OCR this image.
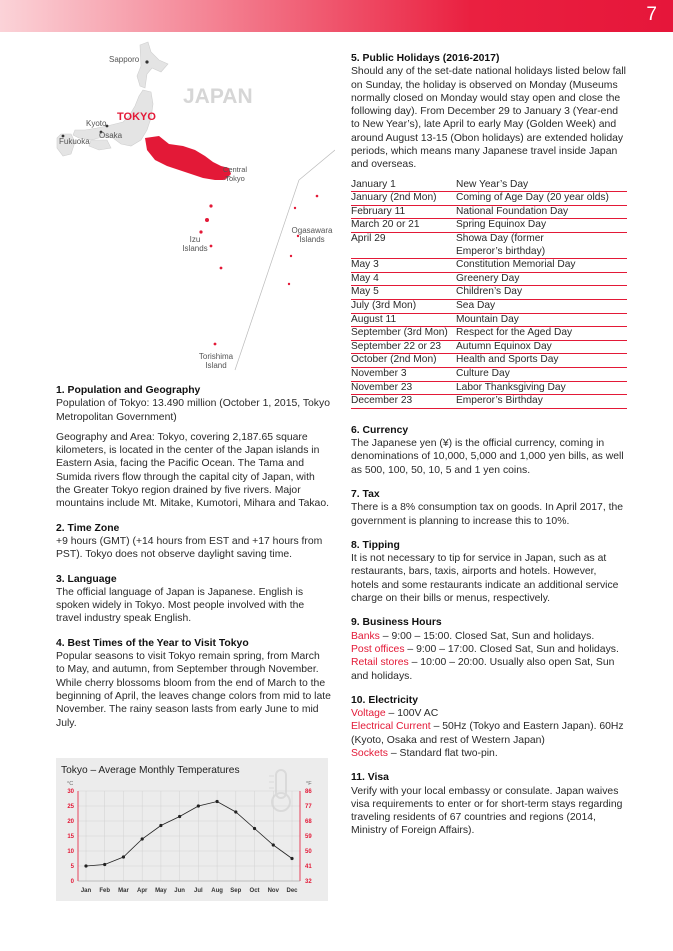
7
Sapporo
JAPAN
TOKYO
Kyoto
Osaka
Fukuoka
Central
Tokyo
Izu
Islands
Ogasawara
Islands
Torishima
Island
1. Population and Geography

Population of Tokyo: 13.490 million (October 1, 2015, Tokyo Metropolitan Government)

Geography and Area: Tokyo, covering 2,187.65 square kilometers, is located in the center of the Japan islands in Eastern Asia, facing the Pacific Ocean. The Tama and Sumida rivers flow through the capital city of Japan, with the Greater Tokyo region drained by five rivers. Major mountains include Mt. Mitake, Kumotori, Mihara and Takao.

2. Time Zone

+9 hours (GMT) (+14 hours from EST and +17 hours from PST). Tokyo does not observe daylight saving time.

3. Language

The official language of Japan is Japanese. English is spoken widely in Tokyo. Most people involved with the travel industry speak English.

4. Best Times of the Year to Visit Tokyo

Popular seasons to visit Tokyo remain spring, from March to May, and autumn, from September through November. While cherry blossoms bloom from the end of March to the beginning of April, the leaves change colors from mid to late November. The rainy season lasts from early June to mid July.

Tokyo – Average Monthly Temperatures
°C	°F
30
25
20
15
10
5
0
86
77
68
59
50
41
32
Jan Feb Mar Apr May Jun Jul Aug Sep Oct Nov Dec
5. Public Holidays (2016-2017)

Should any of the set-date national holidays listed below fall on Sunday, the holiday is observed on Monday (Museums normally closed on Monday would stay open and close the following day). From December 29 to January 3 (Year-end to New Year’s), late April to early May (Golden Week) and around August 13-15 (Obon holidays) are extended holiday periods, which means many Japanese travel inside Japan and overseas.

January 1	New Year’s Day
January (2nd Mon)	Coming of Age Day (20 year olds)
February 11	National Foundation Day
March 20 or 21	Spring Equinox Day
April 29	Showa Day (former
Emperor’s birthday)
May 3	Constitution Memorial Day
May 4	Greenery Day
May 5	Children’s Day
July (3rd Mon)	Sea Day
August 11	Mountain Day
September (3rd Mon)	Respect for the Aged Day
September 22 or 23	Autumn Equinox Day
October (2nd Mon)	Health and Sports Day
November 3	Culture Day
November 23	Labor Thanksgiving Day
December 23	Emperor’s Birthday
6. Currency

The Japanese yen (¥) is the official currency, coming in denominations of 10,000, 5,000 and 1,000 yen bills, as well as 500, 100, 50, 10, 5 and 1 yen coins.

7. Tax

There is a 8% consumption tax on goods. In April 2017, the government is planning to increase this to 10%.

8. Tipping

It is not necessary to tip for service in Japan, such as at restaurants, bars, taxis, airports and hotels. However, hotels and some restaurants indicate an additional service charge on their bills or menus, respectively.

9. Business Hours

Banks – 9:00 – 15:00. Closed Sat, Sun and holidays.
Post offices – 9:00 – 17:00. Closed Sat, Sun and holidays.
Retail stores – 10:00 – 20:00. Usually also open Sat, Sun and holidays.

10. Electricity

Voltage – 100V AC
Electrical Current – 50Hz (Tokyo and Eastern Japan). 60Hz (Kyoto, Osaka and rest of Western Japan)
Sockets – Standard flat two-pin.

11. Visa

Verify with your local embassy or consulate. Japan waives visa requirements to enter or for short-term stays regarding traveling residents of 67 countries and regions (2014, Ministry of Foreign Affairs).
